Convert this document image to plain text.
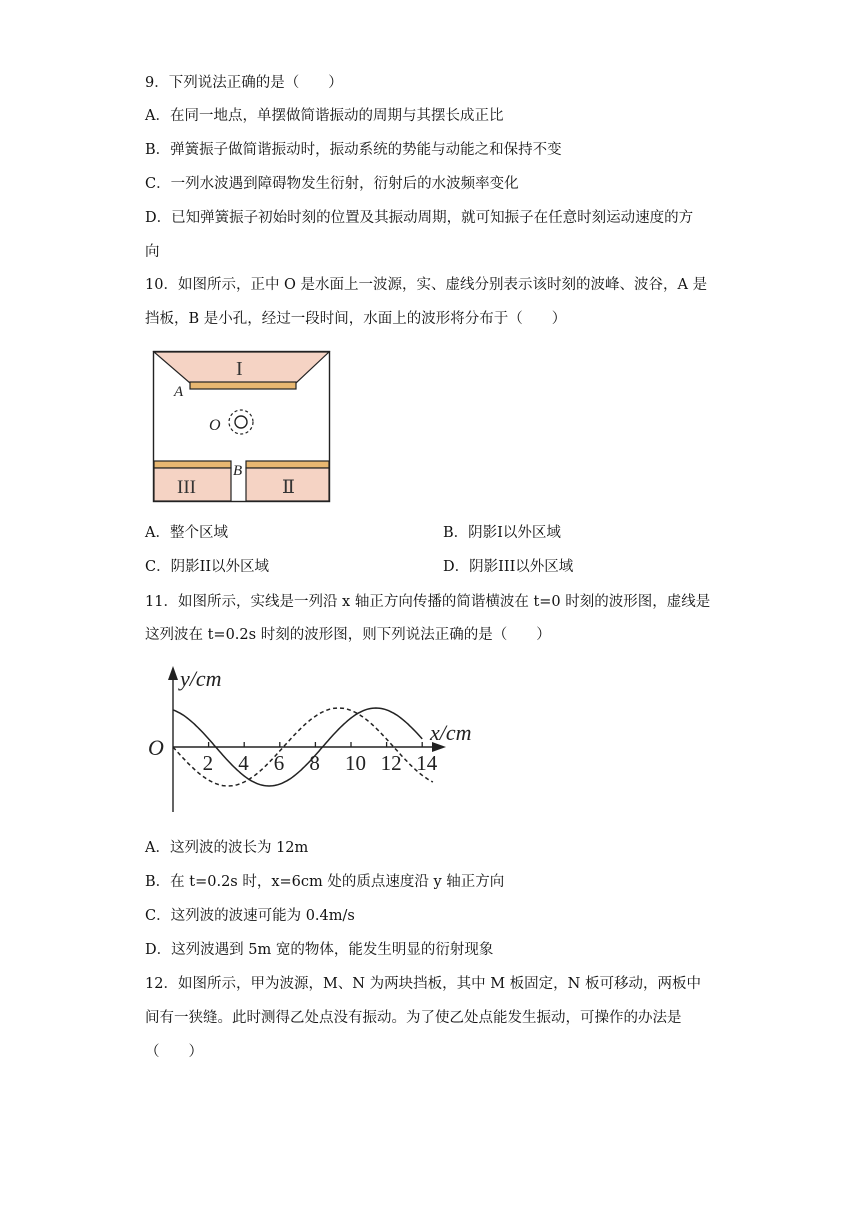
9．下列说法正确的是（　　）
A．在同一地点，单摆做简谐振动的周期与其摆长成正比
B．弹簧振子做简谐振动时，振动系统的势能与动能之和保持不变
C．一列水波遇到障碍物发生衍射，衍射后的水波频率变化
D．已知弹簧振子初始时刻的位置及其振动周期，就可知振子在任意时刻运动速度的方
向
10．如图所示，正中 O 是水面上一波源，实、虚线分别表示该时刻的波峰、波谷，A 是
挡板，B 是小孔，经过一段时间，水面上的波形将分布于（　　）
I
A
O
B
III	Ⅱ
A．整个区域	B．阴影I以外区域
C．阴影II以外区域	D．阴影III以外区域
11．如图所示，实线是一列沿 x 轴正方向传播的简谐横波在 t=0 时刻的波形图，虚线是
这列波在 t=0.2s 时刻的波形图，则下列说法正确的是（　　）
y/cm
x/cm
O
2 4 6 8 10 12 14
A．这列波的波长为 12m
B．在 t=0.2s 时，x=6cm 处的质点速度沿 y 轴正方向
C．这列波的波速可能为 0.4m/s
D．这列波遇到 5m 宽的物体，能发生明显的衍射现象
12．如图所示，甲为波源，M、N 为两块挡板，其中 M 板固定，N 板可移动，两板中
间有一狭缝。此时测得乙处点没有振动。为了使乙处点能发生振动，可操作的办法是
（　　）
